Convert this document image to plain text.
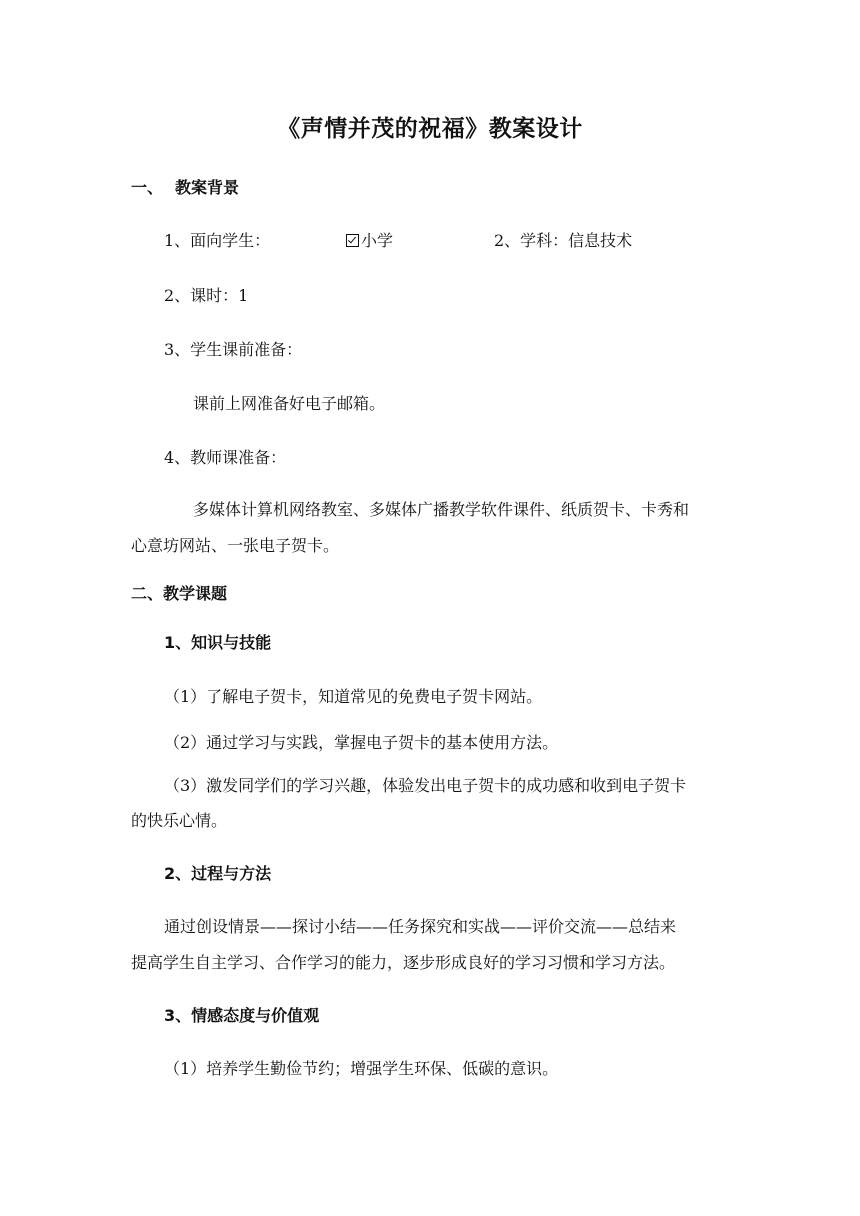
《声情并茂的祝福》教案设计
一、 教案背景
1、面向学生：	小学	2、学科：信息技术
2、课时：1
3、学生课前准备：
课前上网准备好电子邮箱。
4、教师课准备：
多媒体计算机网络教室、多媒体广播教学软件课件、纸质贺卡、卡秀和
心意坊网站、一张电子贺卡。
二、教学课题
1、知识与技能
（1）了解电子贺卡，知道常见的免费电子贺卡网站。
（2）通过学习与实践，掌握电子贺卡的基本使用方法。
（3）激发同学们的学习兴趣，体验发出电子贺卡的成功感和收到电子贺卡
的快乐心情。
2、过程与方法
通过创设情景——探讨小结——任务探究和实战——评价交流——总结来
提高学生自主学习、合作学习的能力，逐步形成良好的学习习惯和学习方法。
3、情感态度与价值观
（1）培养学生勤俭节约；增强学生环保、低碳的意识。
